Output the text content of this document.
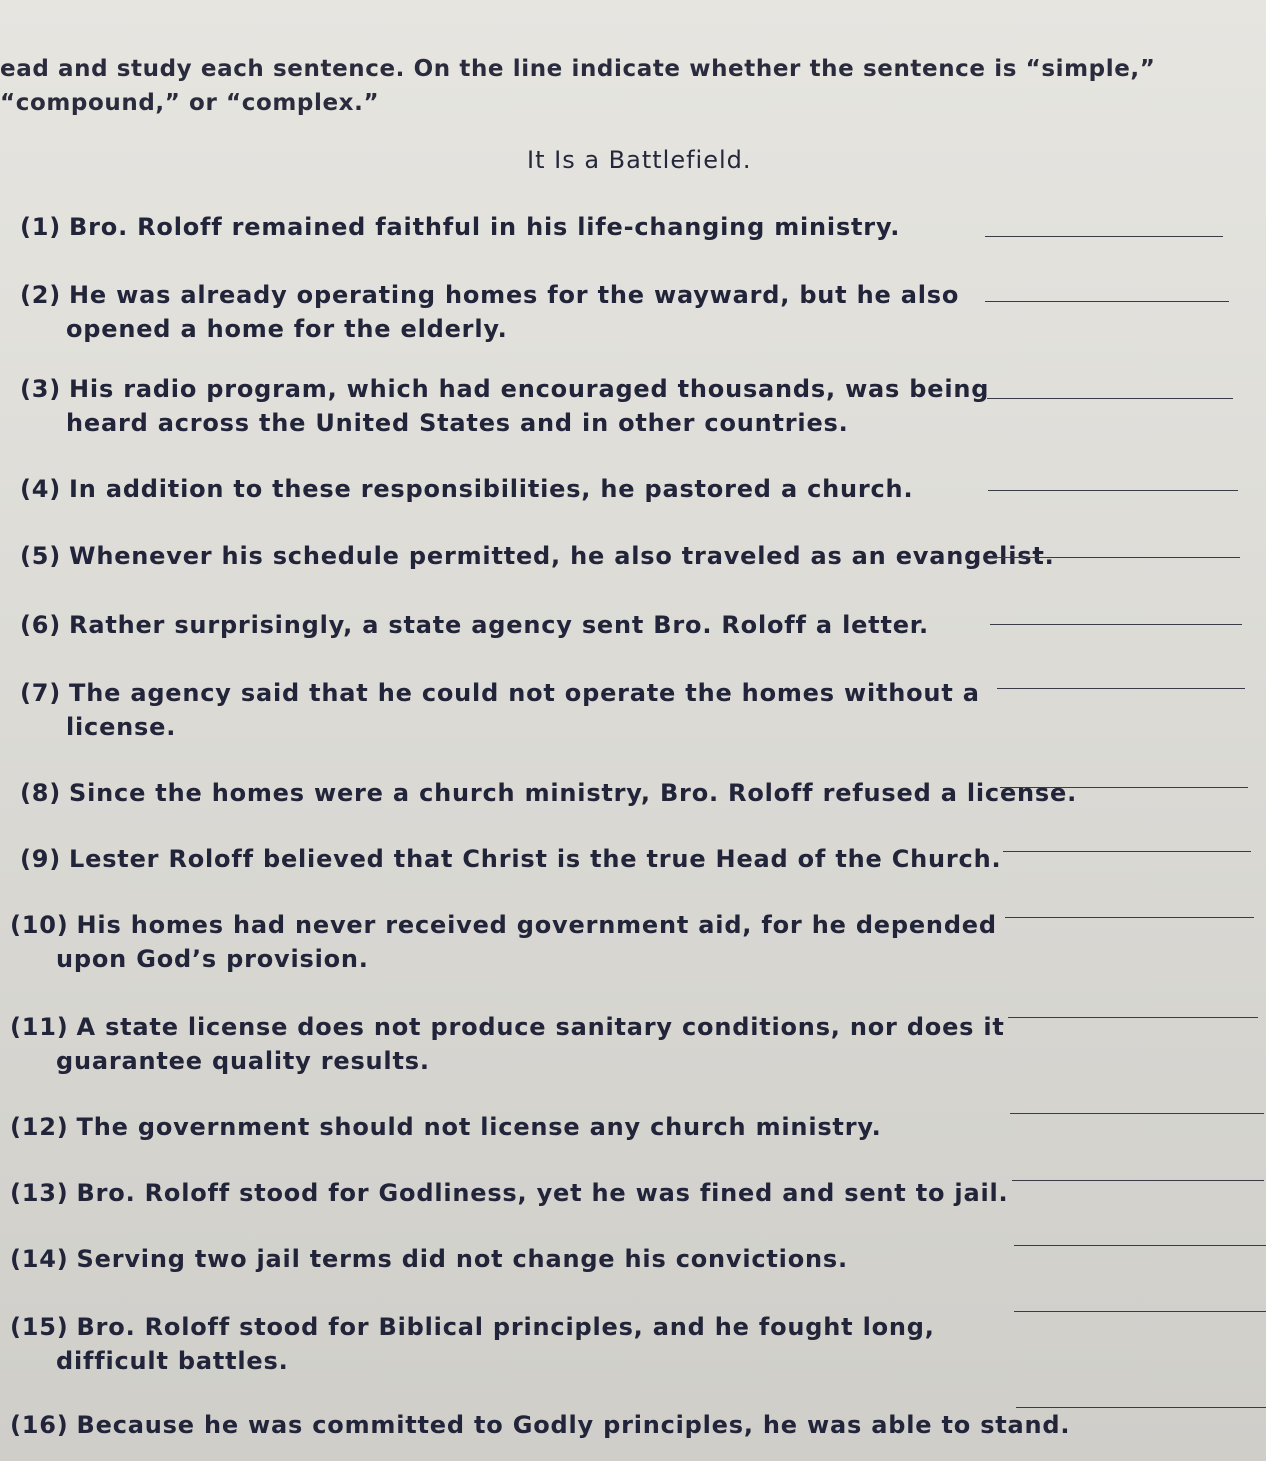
ead and study each sentence. On the line indicate whether the sentence is “simple,” “compound,” or “complex.”
It Is a Battlefield.
(1) Bro. Roloff remained faithful in his life-changing ministry.
(2) He was already operating homes for the wayward, but he also
opened a home for the elderly.
(3) His radio program, which had encouraged thousands, was being
heard across the United States and in other countries.
(4) In addition to these responsibilities, he pastored a church.
(5) Whenever his schedule permitted, he also traveled as an evangelist.
(6) Rather surprisingly, a state agency sent Bro. Roloff a letter.
(7) The agency said that he could not operate the homes without a
license.
(8) Since the homes were a church ministry, Bro. Roloff refused a license.
(9) Lester Roloff believed that Christ is the true Head of the Church.
(10) His homes had never received government aid, for he depended
upon God’s provision.
(11) A state license does not produce sanitary conditions, nor does it
guarantee quality results.
(12) The government should not license any church ministry.
(13) Bro. Roloff stood for Godliness, yet he was fined and sent to jail.
(14) Serving two jail terms did not change his convictions.
(15) Bro. Roloff stood for Biblical principles, and he fought long,
difficult battles.
(16) Because he was committed to Godly principles, he was able to stand.
